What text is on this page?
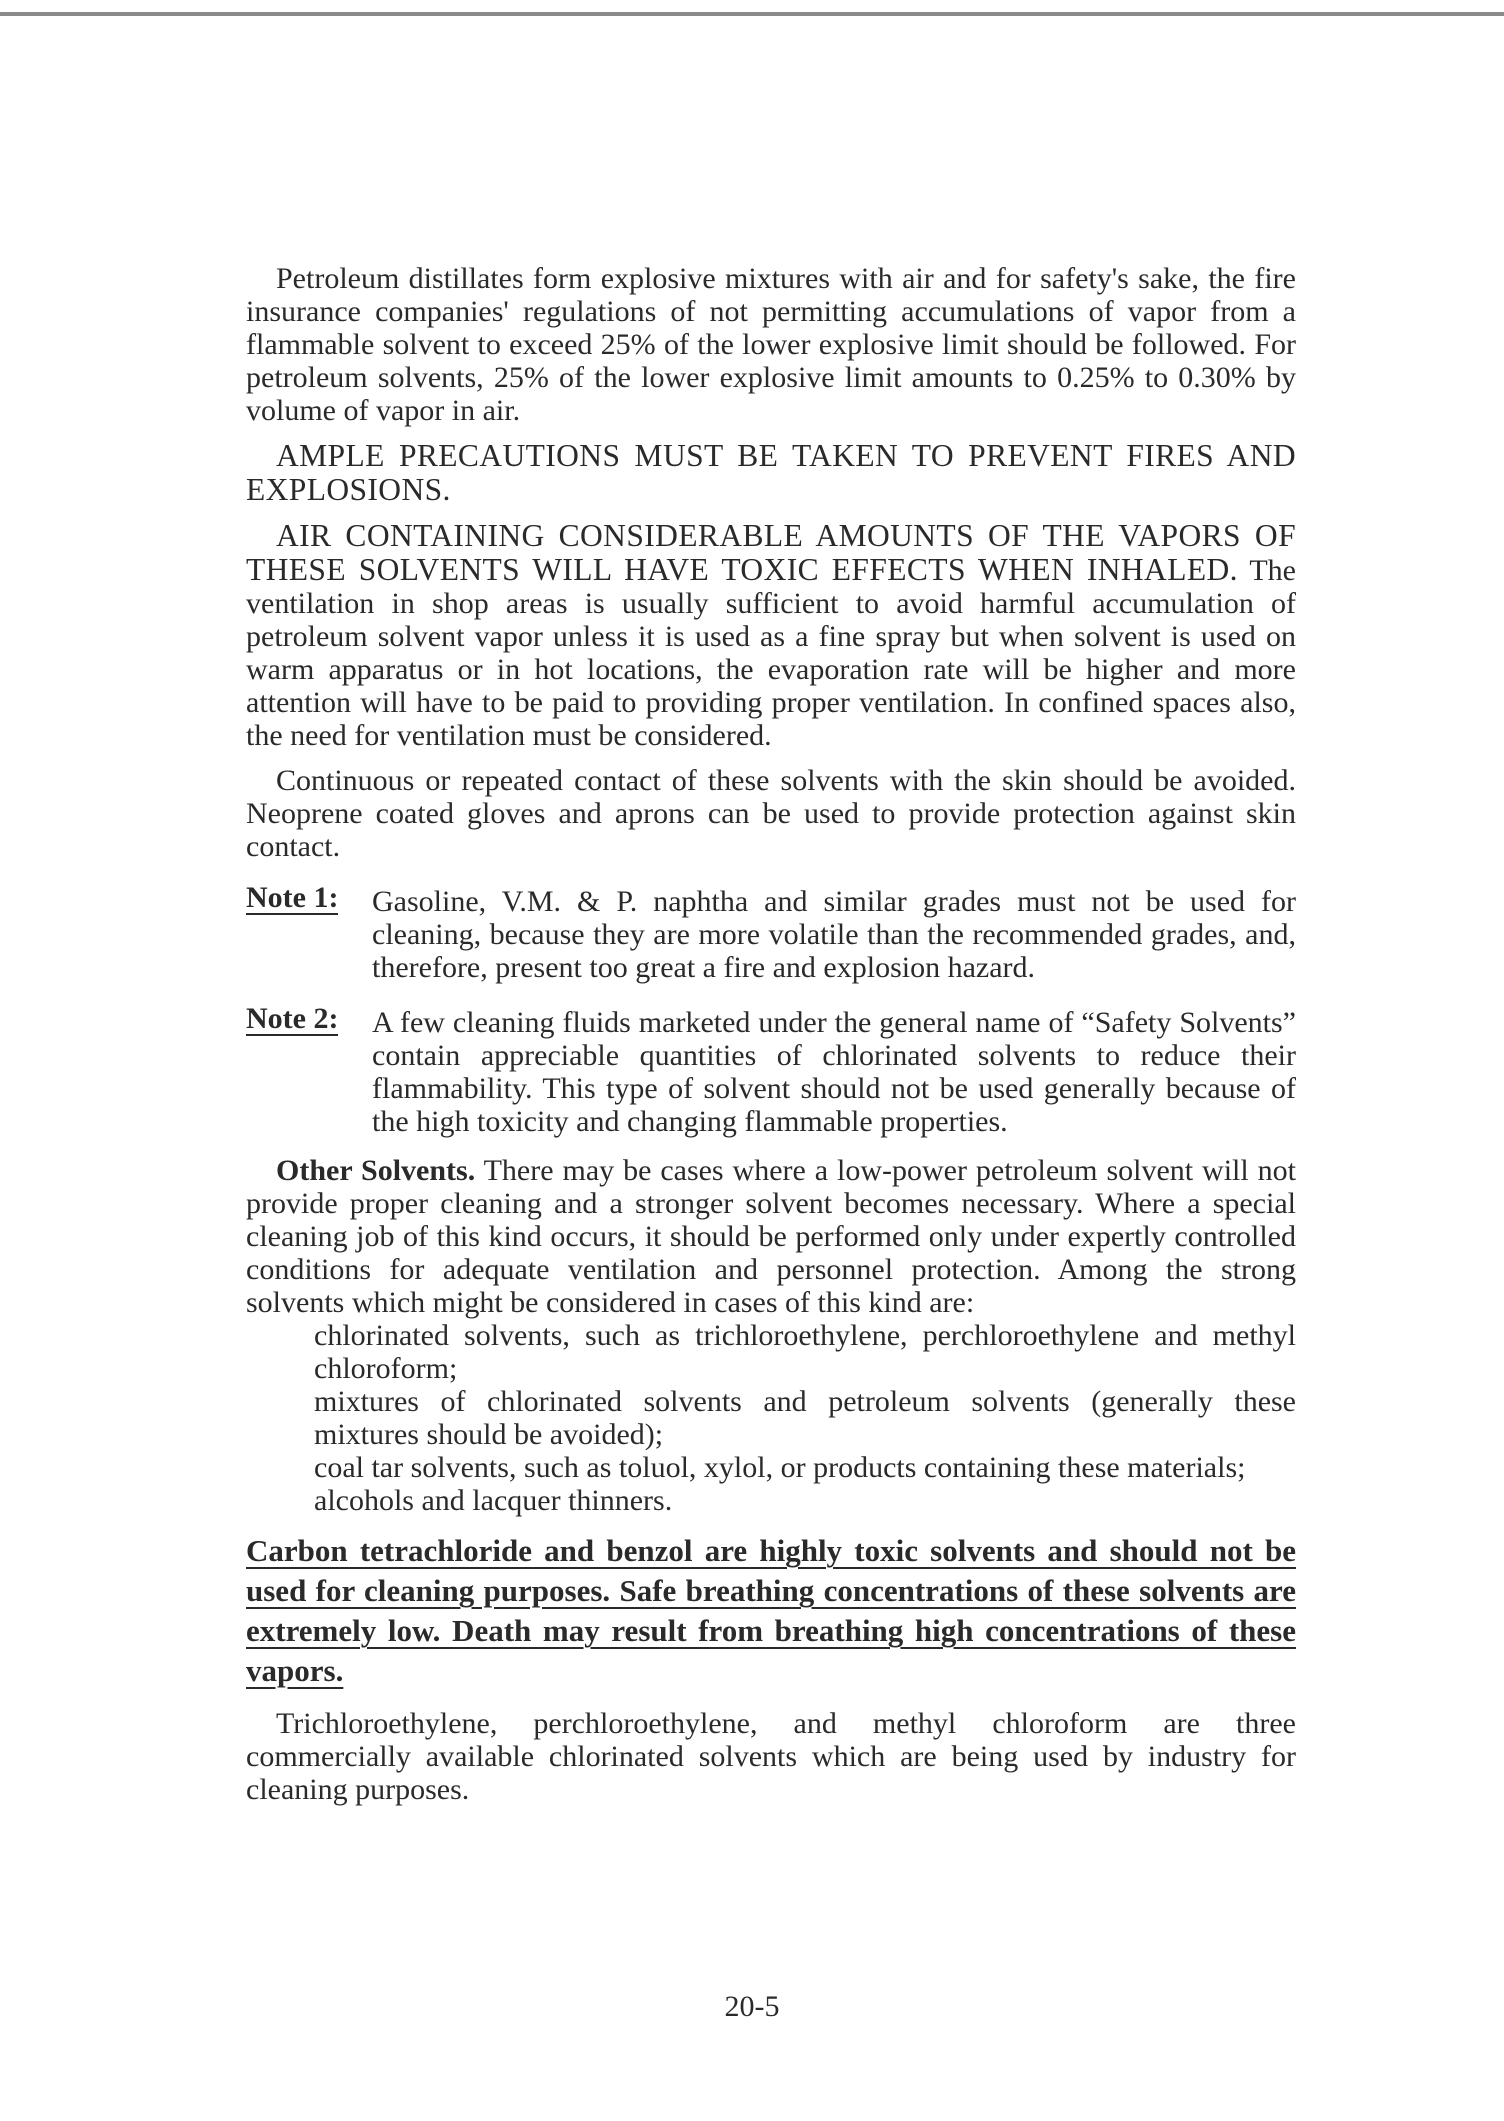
Petroleum distillates form explosive mixtures with air and for safety's sake, the fire insurance companies' regulations of not permitting accumulations of vapor from a flammable solvent to exceed 25% of the lower explosive limit should be followed. For petroleum solvents, 25% of the lower explosive limit amounts to 0.25% to 0.30% by volume of vapor in air.

AMPLE PRECAUTIONS MUST BE TAKEN TO PREVENT FIRES AND EXPLOSIONS.

AIR CONTAINING CONSIDERABLE AMOUNTS OF THE VAPORS OF THESE SOLVENTS WILL HAVE TOXIC EFFECTS WHEN INHALED. The ventilation in shop areas is usually sufficient to avoid harmful accumulation of petroleum solvent vapor unless it is used as a fine spray but when solvent is used on warm apparatus or in hot locations, the evaporation rate will be higher and more attention will have to be paid to providing proper ventilation. In confined spaces also, the need for ventilation must be considered.

Continuous or repeated contact of these solvents with the skin should be avoided. Neoprene coated gloves and aprons can be used to provide protection against skin contact.

Note 1:	Gasoline, V.M. & P. naphtha and similar grades must not be used for cleaning, because they are more volatile than the recommended grades, and, therefore, present too great a fire and explosion hazard.
Note 2:	A few cleaning fluids marketed under the general name of “Safety Solvents” contain appreciable quantities of chlorinated solvents to reduce their flammability. This type of solvent should not be used generally because of the high toxicity and changing flammable properties.

Other Solvents. There may be cases where a low-power petroleum solvent will not provide proper cleaning and a stronger solvent becomes necessary. Where a special cleaning job of this kind occurs, it should be performed only under expertly controlled conditions for adequate ventilation and personnel protection. Among the strong solvents which might be considered in cases of this kind are:

chlorinated solvents, such as trichloroethylene, perchloroethylene and methyl chloroform;

mixtures of chlorinated solvents and petroleum solvents (generally these mixtures should be avoided);

coal tar solvents, such as toluol, xylol, or products containing these materials;

alcohols and lacquer thinners.

Carbon tetrachloride and benzol are highly toxic solvents and should not be used for cleaning purposes. Safe breathing concentrations of these solvents are extremely low. Death may result from breathing high concentrations of these vapors.

Trichloroethylene, perchloroethylene, and methyl chloroform are three commercially available chlorinated solvents which are being used by industry for cleaning purposes.

20-5
